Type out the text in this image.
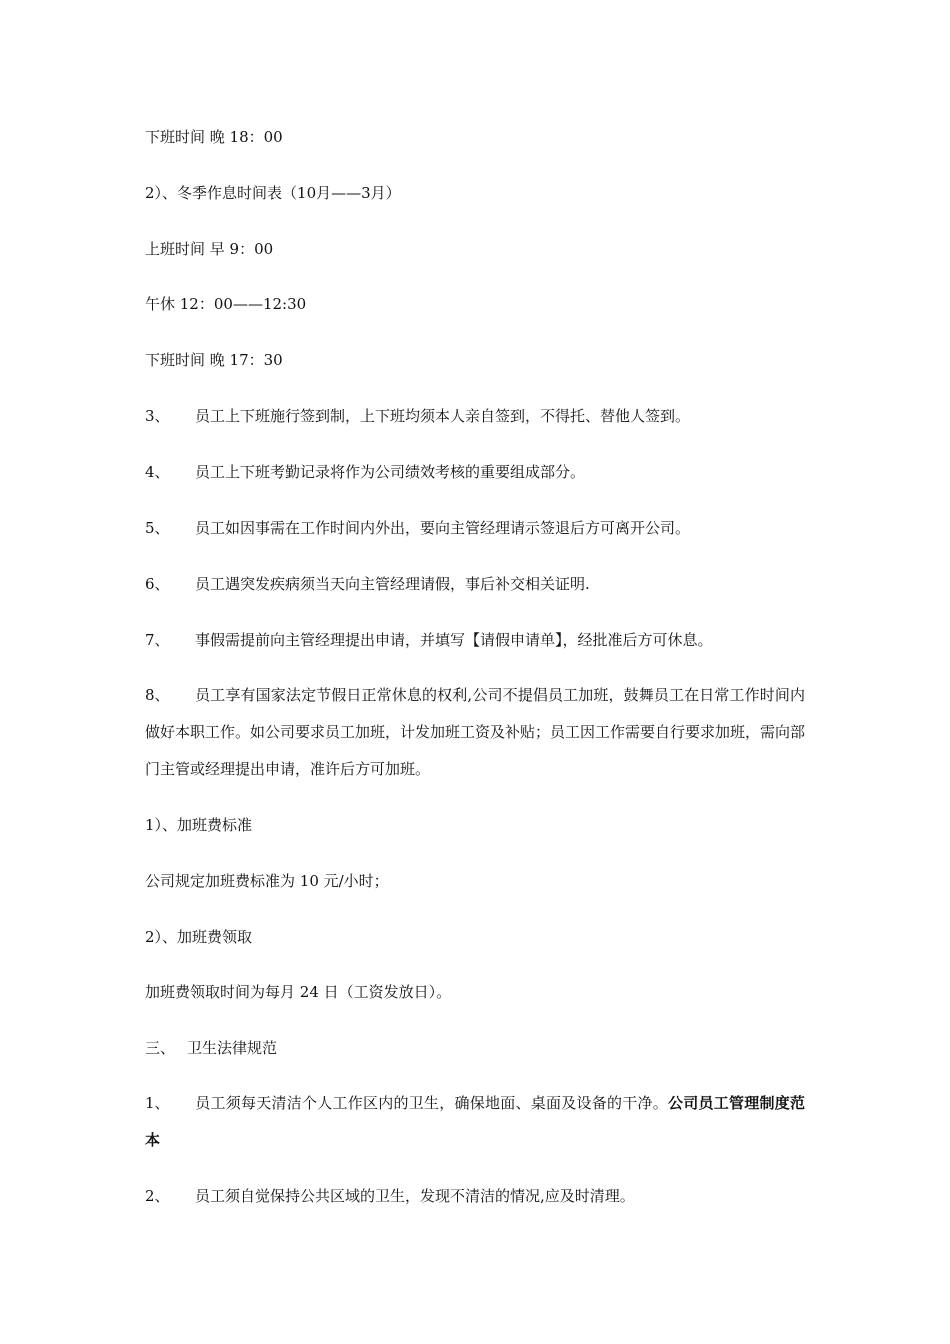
下班时间 晚 18：00
2）、冬季作息时间表（10月——3月）
上班时间 早 9：00
午休 12：00——12:30
下班时间 晚 17：30
3、 员工上下班施行签到制，上下班均须本人亲自签到，不得托、替他人签到。
4、 员工上下班考勤记录将作为公司绩效考核的重要组成部分。
5、 员工如因事需在工作时间内外出，要向主管经理请示签退后方可离开公司。
6、 员工遇突发疾病须当天向主管经理请假，事后补交相关证明.
7、 事假需提前向主管经理提出申请，并填写【请假申请单】，经批准后方可休息。
8、 员工享有国家法定节假日正常休息的权利,公司不提倡员工加班，鼓舞员工在日常工作时间内做好本职工作。如公司要求员工加班，计发加班工资及补贴；员工因工作需要自行要求加班，需向部门主管或经理提出申请，准许后方可加班。
1）、加班费标准
公司规定加班费标准为 10 元/小时；
2）、加班费领取
加班费领取时间为每月 24 日（工资发放日）。
三、 卫生法律规范
1、 员工须每天清洁个人工作区内的卫生，确保地面、桌面及设备的干净。公司员工管理制度范本
2、 员工须自觉保持公共区域的卫生，发现不清洁的情况,应及时清理。
